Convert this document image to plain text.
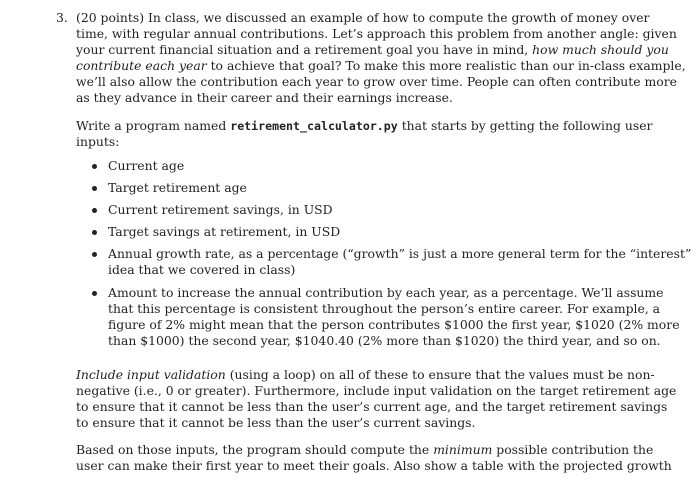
3. (20 points) In class, we discussed an example of how to compute the growth of money over
time, with regular annual contributions. Let’s approach this problem from another angle: given
your current financial situation and a retirement goal you have in mind, how much should you
contribute each year to achieve that goal? To make this more realistic than our in-class example,
we’ll also allow the contribution each year to grow over time. People can often contribute more
as they advance in their career and their earnings increase.
Write a program named retirement_calculator.py that starts by getting the following user
inputs:
Current age
Target retirement age
Current retirement savings, in USD
Target savings at retirement, in USD
Annual growth rate, as a percentage (“growth” is just a more general term for the “interest”
idea that we covered in class)
Amount to increase the annual contribution by each year, as a percentage. We’ll assume
that this percentage is consistent throughout the person’s entire career. For example, a
figure of 2% might mean that the person contributes $1000 the first year, $1020 (2% more
than $1000) the second year, $1040.40 (2% more than $1020) the third year, and so on.
Include input validation (using a loop) on all of these to ensure that the values must be non-
negative (i.e., 0 or greater). Furthermore, include input validation on the target retirement age
to ensure that it cannot be less than the user’s current age, and the target retirement savings
to ensure that it cannot be less than the user’s current savings.
Based on those inputs, the program should compute the minimum possible contribution the
user can make their first year to meet their goals. Also show a table with the projected growth
